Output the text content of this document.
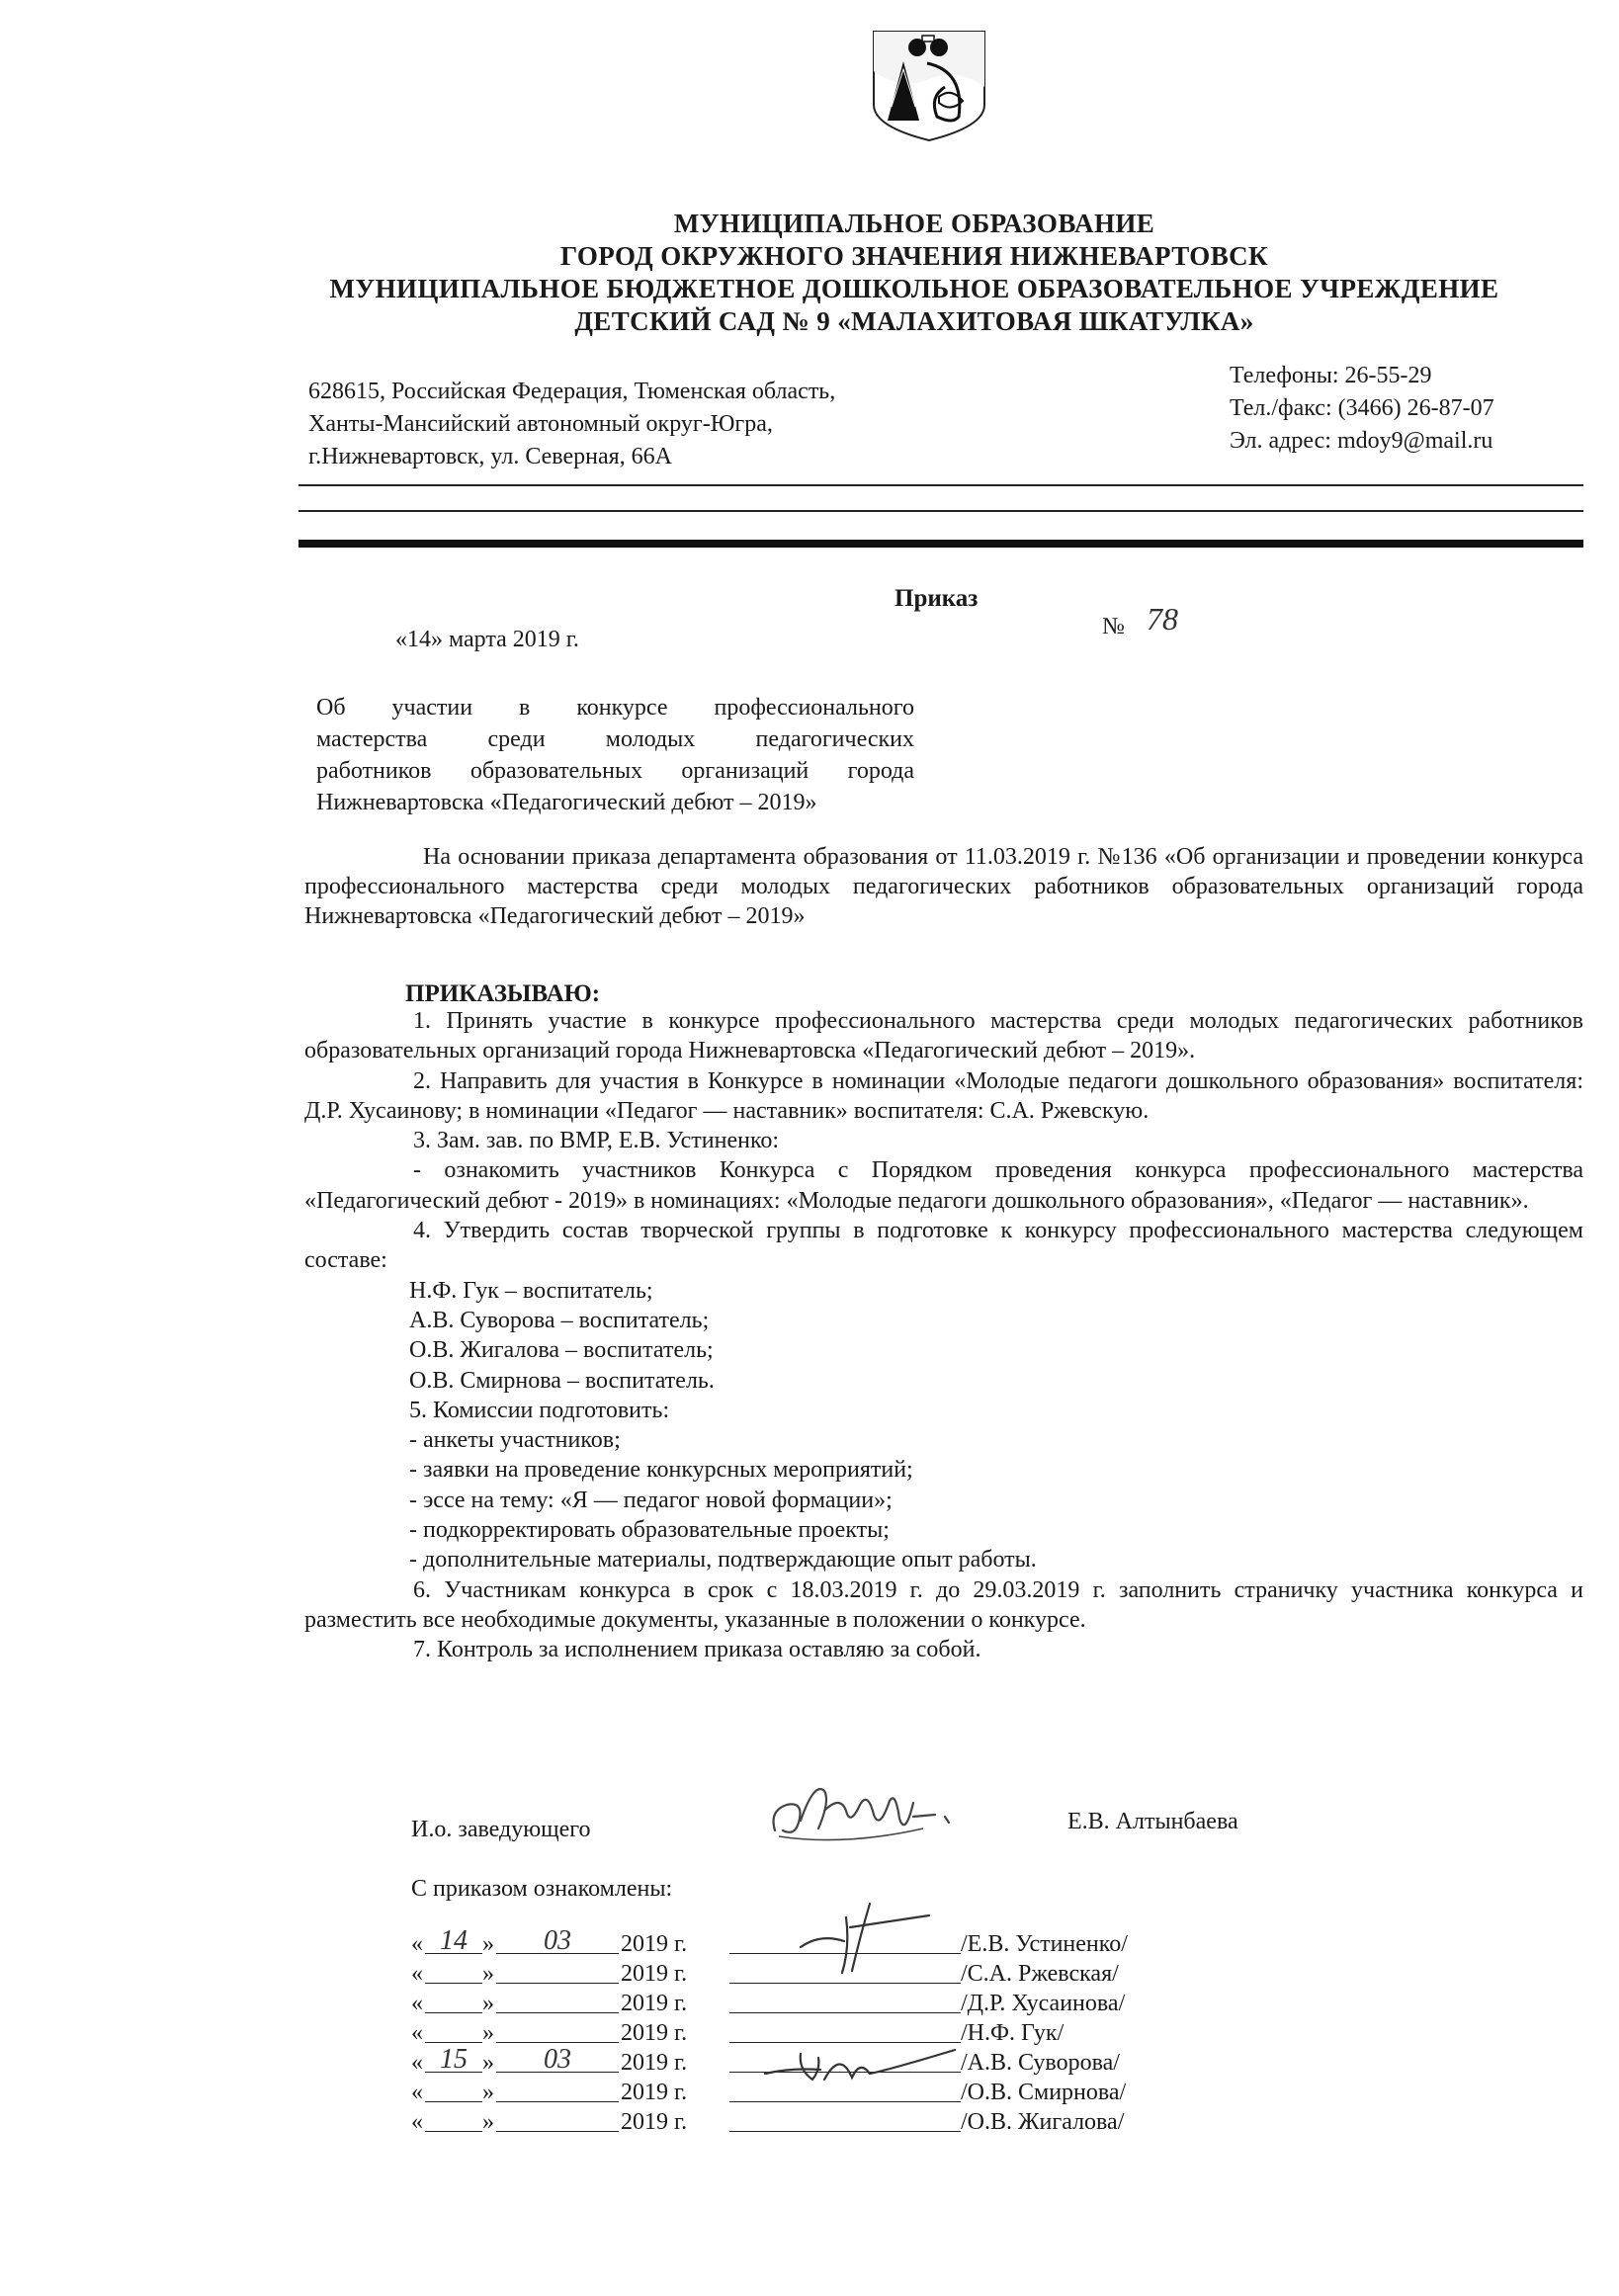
МУНИЦИПАЛЬНОЕ ОБРАЗОВАНИЕ
ГОРОД ОКРУЖНОГО ЗНАЧЕНИЯ НИЖНЕВАРТОВСК
МУНИЦИПАЛЬНОЕ БЮДЖЕТНОЕ ДОШКОЛЬНОЕ ОБРАЗОВАТЕЛЬНОЕ УЧРЕЖДЕНИЕ
ДЕТСКИЙ САД № 9 «МАЛАХИТОВАЯ ШКАТУЛКА»
628615, Российская Федерация, Тюменская область,
Ханты-Мансийский автономный округ-Югра,
г.Нижневартовск, ул. Северная, 66А
Телефоны: 26-55-29
Тел./факс: (3466) 26-87-07
Эл. адрес: mdoy9@mail.ru
Приказ
«14» марта 2019 г.	№ 78
Об участии в конкурсе профессионального
мастерства среди молодых педагогических
работников образовательных организаций города
Нижневартовска «Педагогический дебют – 2019»
На основании приказа департамента образования от 11.03.2019 г. №136 «Об организации и проведении конкурса профессионального мастерства среди молодых педагогических работников образовательных организаций города Нижневартовска «Педагогический дебют – 2019»
ПРИКАЗЫВАЮ:

1. Принять участие в конкурсе профессионального мастерства среди молодых педагогических работников образовательных организаций города Нижневартовска «Педагогический дебют – 2019».

2. Направить для участия в Конкурсе в номинации «Молодые педагоги дошкольного образования» воспитателя: Д.Р. Хусаинову; в номинации «Педагог — наставник» воспитателя: С.А. Ржевскую.

3. Зам. зав. по ВМР, Е.В. Устиненко:

- ознакомить участников Конкурса с Порядком проведения конкурса профессионального мастерства «Педагогический дебют - 2019» в номинациях: «Молодые педагоги дошкольного образования», «Педагог — наставник».

4. Утвердить состав творческой группы в подготовке к конкурсу профессионального мастерства следующем составе:

Н.Ф. Гук – воспитатель;

А.В. Суворова – воспитатель;

О.В. Жигалова – воспитатель;

О.В. Смирнова – воспитатель.

5. Комиссии подготовить:

- анкеты участников;

- заявки на проведение конкурсных мероприятий;

- эссе на тему: «Я — педагог новой формации»;

- подкорректировать образовательные проекты;

- дополнительные материалы, подтверждающие опыт работы.

6. Участникам конкурса в срок с 18.03.2019 г. до 29.03.2019 г. заполнить страничку участника конкурса и разместить все необходимые документы, указанные в положении о конкурсе.

7. Контроль за исполнением приказа оставляю за собой.

И.о. заведующего	Е.В. Алтынбаева
С приказом ознакомлены:
« 14 »	03	2019 г.	/Е.В. Устиненко/
«	»	2019 г.	/С.А. Ржевская/
«	»	2019 г.	/Д.Р. Хусаинова/
«	»	2019 г.	/Н.Ф. Гук/
« 15 »	03	2019 г.	/А.В. Суворова/
«	»	2019 г.	/О.В. Смирнова/
«	»	2019 г.	/О.В. Жигалова/
